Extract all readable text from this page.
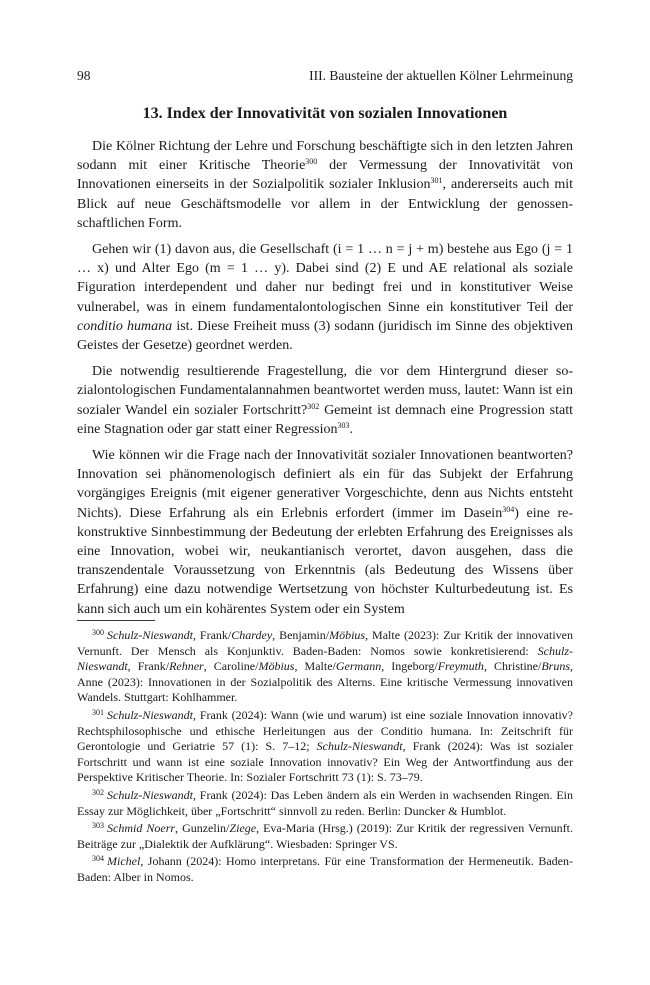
98	III. Bausteine der aktuellen Kölner Lehrmeinung
13. Index der Innovativität von sozialen Innovationen

Die Kölner Richtung der Lehre und Forschung beschäftigte sich in den letzten Jahren sodann mit einer Kritische Theorie$^{300}$ der Vermessung der Innovativität von Innovationen einerseits in der Sozialpolitik sozialer Inklusion$^{301}$, andererseits auch mit Blick auf neue Geschäftsmodelle vor allem in der Entwicklung der genossenschaftlichen Form.

Gehen wir (1) davon aus, die Gesellschaft (i = 1 … n = j + m) bestehe aus Ego (j = 1 … x) und Alter Ego (m = 1 … y). Dabei sind (2) E und AE relational als soziale Figuration interdependent und daher nur bedingt frei und in konstitutiver Weise vulnerabel, was in einem fundamentalontologischen Sinne ein konstitutiver Teil der conditio humana ist. Diese Freiheit muss (3) sodann (juridisch im Sinne des objektiven Geistes der Gesetze) geordnet werden.

Die notwendig resultierende Fragestellung, die vor dem Hintergrund dieser sozialontologischen Fundamentalannahmen beantwortet werden muss, lautet: Wann ist ein sozialer Wandel ein sozialer Fortschritt?$^{302}$ Gemeint ist demnach eine Progression statt eine Stagnation oder gar statt einer Regression$^{303}$.

Wie können wir die Frage nach der Innovativität sozialer Innovationen beantworten? Innovation sei phänomenologisch definiert als ein für das Subjekt der Erfahrung vorgängiges Ereignis (mit eigener generativer Vorgeschichte, denn aus Nichts entsteht Nichts). Diese Erfahrung als ein Erlebnis erfordert (immer im Dasein$^{304}$) eine re-konstruktive Sinnbestimmung der Bedeutung der erlebten Erfahrung des Ereignisses als eine Innovation, wobei wir, neukantianisch verortet, davon ausgehen, dass die transzendentale Voraussetzung von Erkenntnis (als Bedeutung des Wissens über Erfahrung) eine dazu notwendige Wertsetzung von höchster Kulturbedeutung ist. Es kann sich auch um ein kohärentes System oder ein System

$^{300}$ Schulz-Nieswandt, Frank/Chardey, Benjamin/Möbius, Malte (2023): Zur Kritik der innovativen Vernunft. Der Mensch als Konjunktiv. Baden-Baden: Nomos sowie konkretisierend: Schulz-Nieswandt, Frank/Rehner, Caroline/Möbius, Malte/Germann, Ingeborg/Freymuth, Christine/Bruns, Anne (2023): Innovationen in der Sozialpolitik des Alterns. Eine kritische Vermessung innovativen Wandels. Stuttgart: Kohlhammer.

$^{301}$ Schulz-Nieswandt, Frank (2024): Wann (wie und warum) ist eine soziale Innovation innovativ? Rechtsphilosophische und ethische Herleitungen aus der Conditio humana. In: Zeitschrift für Gerontologie und Geriatrie 57 (1): S. 7–12; Schulz-Nieswandt, Frank (2024): Was ist sozialer Fortschritt und wann ist eine soziale Innovation innovativ? Ein Weg der Antwortfindung aus der Perspektive Kritischer Theorie. In: Sozialer Fortschritt 73 (1): S. 73–79.

$^{302}$ Schulz-Nieswandt, Frank (2024): Das Leben ändern als ein Werden in wachsenden Ringen. Ein Essay zur Möglichkeit, über „Fortschritt“ sinnvoll zu reden. Berlin: Duncker & Humblot.

$^{303}$ Schmid Noerr, Gunzelin/Ziege, Eva-Maria (Hrsg.) (2019): Zur Kritik der regressiven Vernunft. Beiträge zur „Dialektik der Aufklärung“. Wiesbaden: Springer VS.

$^{304}$ Michel, Johann (2024): Homo interpretans. Für eine Transformation der Hermeneutik. Baden-Baden: Alber in Nomos.
